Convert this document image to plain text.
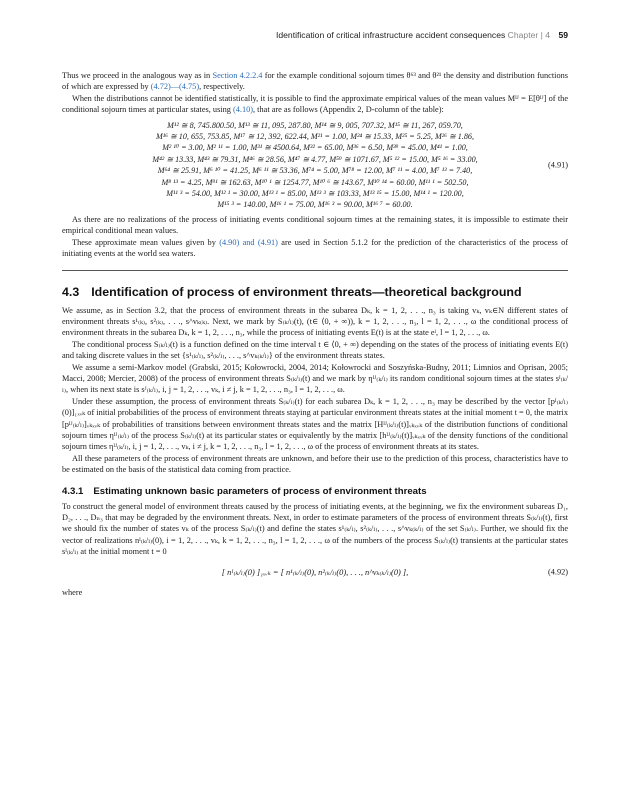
Identification of critical infrastructure accident consequences Chapter | 4 59

Thus we proceed in the analogous way as in Section 4.2.2.4 for the example conditional sojourn times θ⁶³ and θ²¹ the density and distribution functions of which are expressed by (4.72)—(4.75), respectively.

When the distributions cannot be identified statistically, it is possible to find the approximate empirical values of the mean values Mᴵᴶ = E[θᴵᴶ] of the conditional sojourn times at particular states, using (4.10), that are as follows (Appendix 2, D-column of the table):

M¹² ≅ 8, 745.800.50, M¹³ ≅ 11, 095, 287.80, M¹⁴ ≅ 9, 005, 707.32, M¹⁵ ≅ 11, 267, 059.70,
M¹⁶ ≅ 10, 655, 753.85, M¹⁷ ≅ 12, 392, 622.44, M²¹ = 1.00, M²⁴ ≅ 15.33, M²⁵ = 5.25, M²⁶ ≅ 1.86,
M² ¹⁰ = 3.00, M² ¹¹ = 1.00, M³¹ ≅ 4500.64, M³² = 65.00, M³⁶ = 6.50, M³⁹ = 45.00, M⁴¹ = 1.00,
M⁴² ≅ 13.33, M⁴³ ≅ 79.31, M⁴⁶ ≅ 28.56, M⁴⁷ ≅ 4.77, M⁵⁹ ≅ 1071.67, M⁵ ¹² = 15.00, M⁵ ¹⁶ = 33.00,
M⁶⁴ ≅ 25.91, M⁶ ¹⁰ = 41.25, M⁶ ¹¹ ≅ 53.36, M⁷⁴ = 5.00, M⁷⁸ = 12.00, M⁷ ¹¹ = 4.00, M⁷ ¹³ = 7.40,
M⁸ ¹³ = 4.25, M⁹¹ ≅ 162.63, M¹⁰ ¹ ≅ 1254.77, M¹⁰ ⁶ ≅ 143.67, M¹⁰ ¹⁴ = 60.00, M¹¹ ¹ = 502.50,
M¹¹ ³ = 54.00, M¹² ¹ = 30.00, M¹³ ¹ = 85.00, M¹³ ³ ≅ 103.33, M¹³ ¹⁵ = 15.00, M¹⁴ ¹ = 120.00,
M¹⁵ ³ = 140.00, M¹⁶ ¹ = 75.00, M¹⁶ ³ = 90.00, M¹⁶ ⁷ = 60.00.
(4.91)

As there are no realizations of the process of initiating events conditional sojourn times at the remaining states, it is impossible to estimate their empirical conditional mean values.

These approximate mean values given by (4.90) and (4.91) are used in Section 5.1.2 for the prediction of the characteristics of the process of initiating events at the world sea waters.

4.3 Identification of process of environment threats—theoretical background

We assume, as in Section 3.2, that the process of environment threats in the subarea Dₖ, k = 1, 2, . . ., n₃ is taking vₖ, vₖ∈N different states of environment threats s¹₍ₖ₎, s²₍ₖ₎, . . ., s^vₖ₍ₖ₎. Next, we mark by S₍ₖ/ₗ₎(t), (t∈ ⟨0, + ∞)), k = 1, 2, . . ., n₃, l = 1, 2, . . ., ω the conditional process of environment threats in the subarea Dₖ, k = 1, 2, . . ., n₃, while the process of initiating events E(t) is at the state eˡ, l = 1, 2, . . ., ω.

The conditional process S₍ₖ/ₗ₎(t) is a function defined on the time interval t ∈ ⟨0, + ∞) depending on the states of the process of initiating events E(t) and taking discrete values in the set {s¹₍ₖ/ₗ₎, s²₍ₖ/ₗ₎, . . ., s^vₖ₍ₖ/ₗ₎} of the environment threats states.

We assume a semi-Markov model (Grabski, 2015; Kołowrocki, 2004, 2014; Kołowrocki and Soszyńska-Budny, 2011; Limnios and Oprisan, 2005; Macci, 2008; Mercier, 2008) of the process of environment threats S₍ₖ/ₗ₎(t) and we mark by ηᴵᴶ₍ₖ/ₗ₎ its random conditional sojourn times at the states sᴵ₍ₖ/ₗ₎, when its next state is sᴶ₍ₖ/ₗ₎, i, j = 1, 2, . . ., vₖ, i ≠ j, k = 1, 2, . . ., n₃, l = 1, 2, . . ., ω.

Under these assumption, the process of environment threats S₍ₖ/ₗ₎(t) for each subarea Dₖ, k = 1, 2, . . ., n₃ may be described by the vector [pᴵ₍ₖ/ₗ₎(0)]₁ₓᵥₖ of initial probabilities of the process of environment threats staying at particular environment threats states at the initial moment t = 0, the matrix [pᴵᴶ₍ₖ/ₗ₎]ᵥₖₓᵥₖ of probabilities of transitions between environment threats states and the matrix [Hᴵᴶ₍ₖ/ₗ₎(t)]ᵥₖₓᵥₖ of the distribution functions of conditional sojourn times ηᴵᴶ₍ₖ/ₗ₎ of the process S₍ₖ/ₗ₎(t) at its particular states or equivalently by the matrix [hᴵᴶ₍ₖ/ₗ₎(t)]ᵥₖₓᵥₖ of the density functions of the conditional sojourn times ηᴵᴶ₍ₖ/ₗ₎, i, j = 1, 2, . . ., vₖ, i ≠ j, k = 1, 2, . . ., n₃, l = 1, 2, . . ., ω of the process of environment threats at its states.

All these parameters of the process of environment threats are unknown, and before their use to the prediction of this process, characteristics have to be estimated on the basis of the statistical data coming from practice.

4.3.1 Estimating unknown basic parameters of process of environment threats

To construct the general model of environment threats caused by the process of initiating events, at the beginning, we fix the environment subareas D₁, D₂, . . ., Dₙ₃ that may be degraded by the environment threats. Next, in order to estimate parameters of the process of environment threats S₍ₖ/ₗ₎(t), first we should fix the number of states vₖ of the process S₍ₖ/ₗ₎(t) and define the states s¹₍ₖ/ₗ₎, s²₍ₖ/ₗ₎, . . ., s^vₖ₍ₖ/ₗ₎ of the set S₍ₖ/ₗ₎. Further, we should fix the vector of realizations nᴵ₍ₖ/ₗ₎(0), i = 1, 2, . . ., vₖ, k = 1, 2, . . ., n₃, l = 1, 2, . . ., ω of the numbers of the process S₍ₖ/ₗ₎(t) transients at the particular states sᴵ₍ₖ/ₗ₎ at the initial moment t = 0

[ nᴵ₍ₖ/ₗ₎(0) ]₁ₓᵥₖ = [ n¹₍ₖ/ₗ₎(0), n²₍ₖ/ₗ₎(0), . . ., n^vₖ₍ₖ/ₗ₎(0) ],	(4.92)
where
